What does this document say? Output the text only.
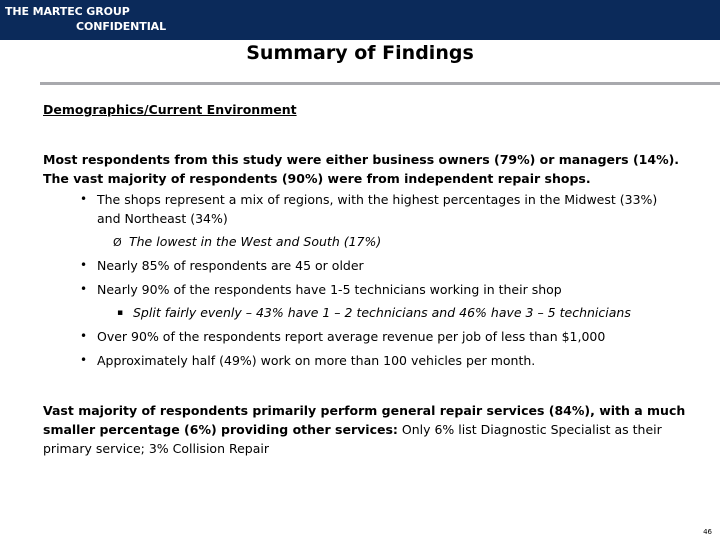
THE MARTEC GROUP
CONFIDENTIAL
Summary of Findings
Demographics/Current Environment
Most respondents from this study were either business owners (79%) or managers (14%). The vast majority of respondents (90%) were from independent repair shops.
• The shops represent a mix of regions, with the highest percentages in the Midwest (33%) and Northeast (34%)
Ø The lowest in the West and South (17%)
• Nearly 85% of respondents are 45 or older
• Nearly 90% of the respondents have 1-5 technicians working in their shop
▪ Split fairly evenly – 43% have 1 – 2 technicians and 46% have 3 – 5 technicians
• Over 90% of the respondents report average revenue per job of less than $1,000
• Approximately half (49%) work on more than 100 vehicles per month.
Vast majority of respondents primarily perform general repair services (84%), with a much smaller percentage (6%) providing other services: Only 6% list Diagnostic Specialist as their primary service; 3% Collision Repair
46
